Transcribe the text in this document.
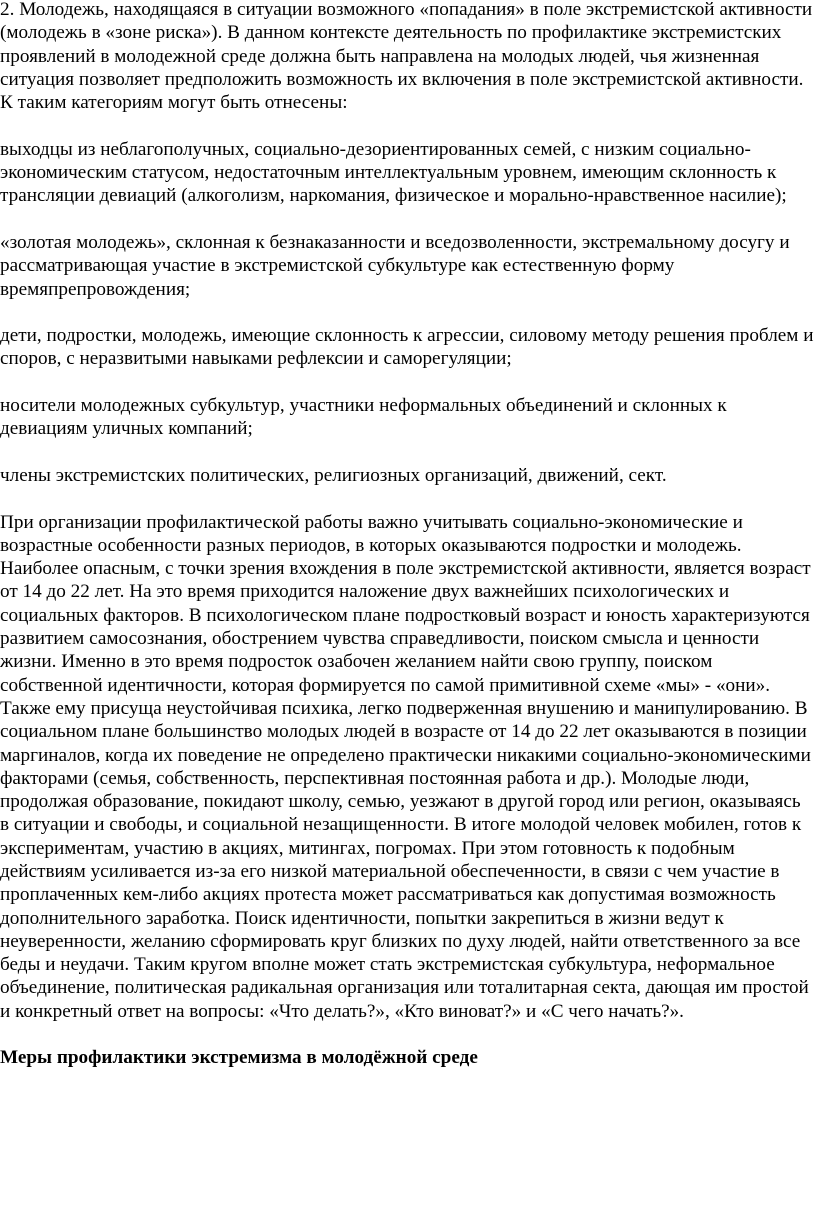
2. Молодежь, находящаяся в ситуации возможного «попадания» в поле экстремистской активности (молодежь в «зоне риска»). В данном контексте деятельность по профилактике экстремистских проявлений в молодежной среде должна быть направлена на молодых людей, чья жизненная ситуация позволяет предположить возможность их включения в поле экстремистской активности. К таким категориям могут быть отнесены:

выходцы из неблагополучных, социально-дезориентированных семей, с низким социально-экономическим статусом, недостаточным интеллектуальным уровнем, имеющим склонность к трансляции девиаций (алкоголизм, наркомания, физическое и морально-нравственное насилие);

«золотая молодежь», склонная к безнаказанности и вседозволенности, экстремальному досугу и рассматривающая участие в экстремистской субкультуре как естественную форму времяпрепровождения;

дети, подростки, молодежь, имеющие склонность к агрессии, силовому методу решения проблем и споров, с неразвитыми навыками рефлексии и саморегуляции;

носители молодежных субкультур, участники неформальных объединений и склонных к девиациям уличных компаний;

члены экстремистских политических, религиозных организаций, движений, сект.

При организации профилактической работы важно учитывать социально-экономические и возрастные особенности разных периодов, в которых оказываются подростки и молодежь. Наиболее опасным, с точки зрения вхождения в поле экстремистской активности, является возраст от 14 до 22 лет. На это время приходится наложение двух важнейших психологических и социальных факторов. В психологическом плане подростковый возраст и юность характеризуются развитием самосознания, обострением чувства справедливости, поиском смысла и ценности жизни. Именно в это время подросток озабочен желанием найти свою группу, поиском собственной идентичности, которая формируется по самой примитивной схеме «мы» - «они». Также ему присуща неустойчивая психика, легко подверженная внушению и манипулированию. В социальном плане большинство молодых людей в возрасте от 14 до 22 лет оказываются в позиции маргиналов, когда их поведение не определено практически никакими социально-экономическими факторами (семья, собственность, перспективная постоянная работа и др.). Молодые люди, продолжая образование, покидают школу, семью, уезжают в другой город или регион, оказываясь в ситуации и свободы, и социальной незащищенности. В итоге молодой человек мобилен, готов к экспериментам, участию в акциях, митингах, погромах. При этом готовность к подобным действиям усиливается из-за его низкой материальной обеспеченности, в связи с чем участие в проплаченных кем-либо акциях протеста может рассматриваться как допустимая возможность дополнительного заработка. Поиск идентичности, попытки закрепиться в жизни ведут к неуверенности, желанию сформировать круг близких по духу людей, найти ответственного за все беды и неудачи. Таким кругом вполне может стать экстремистская субкультура, неформальное объединение, политическая радикальная организация или тоталитарная секта, дающая им простой и конкретный ответ на вопросы: «Что делать?», «Кто виноват?» и «С чего начать?».

Меры профилактики экстремизма в молодёжной среде
